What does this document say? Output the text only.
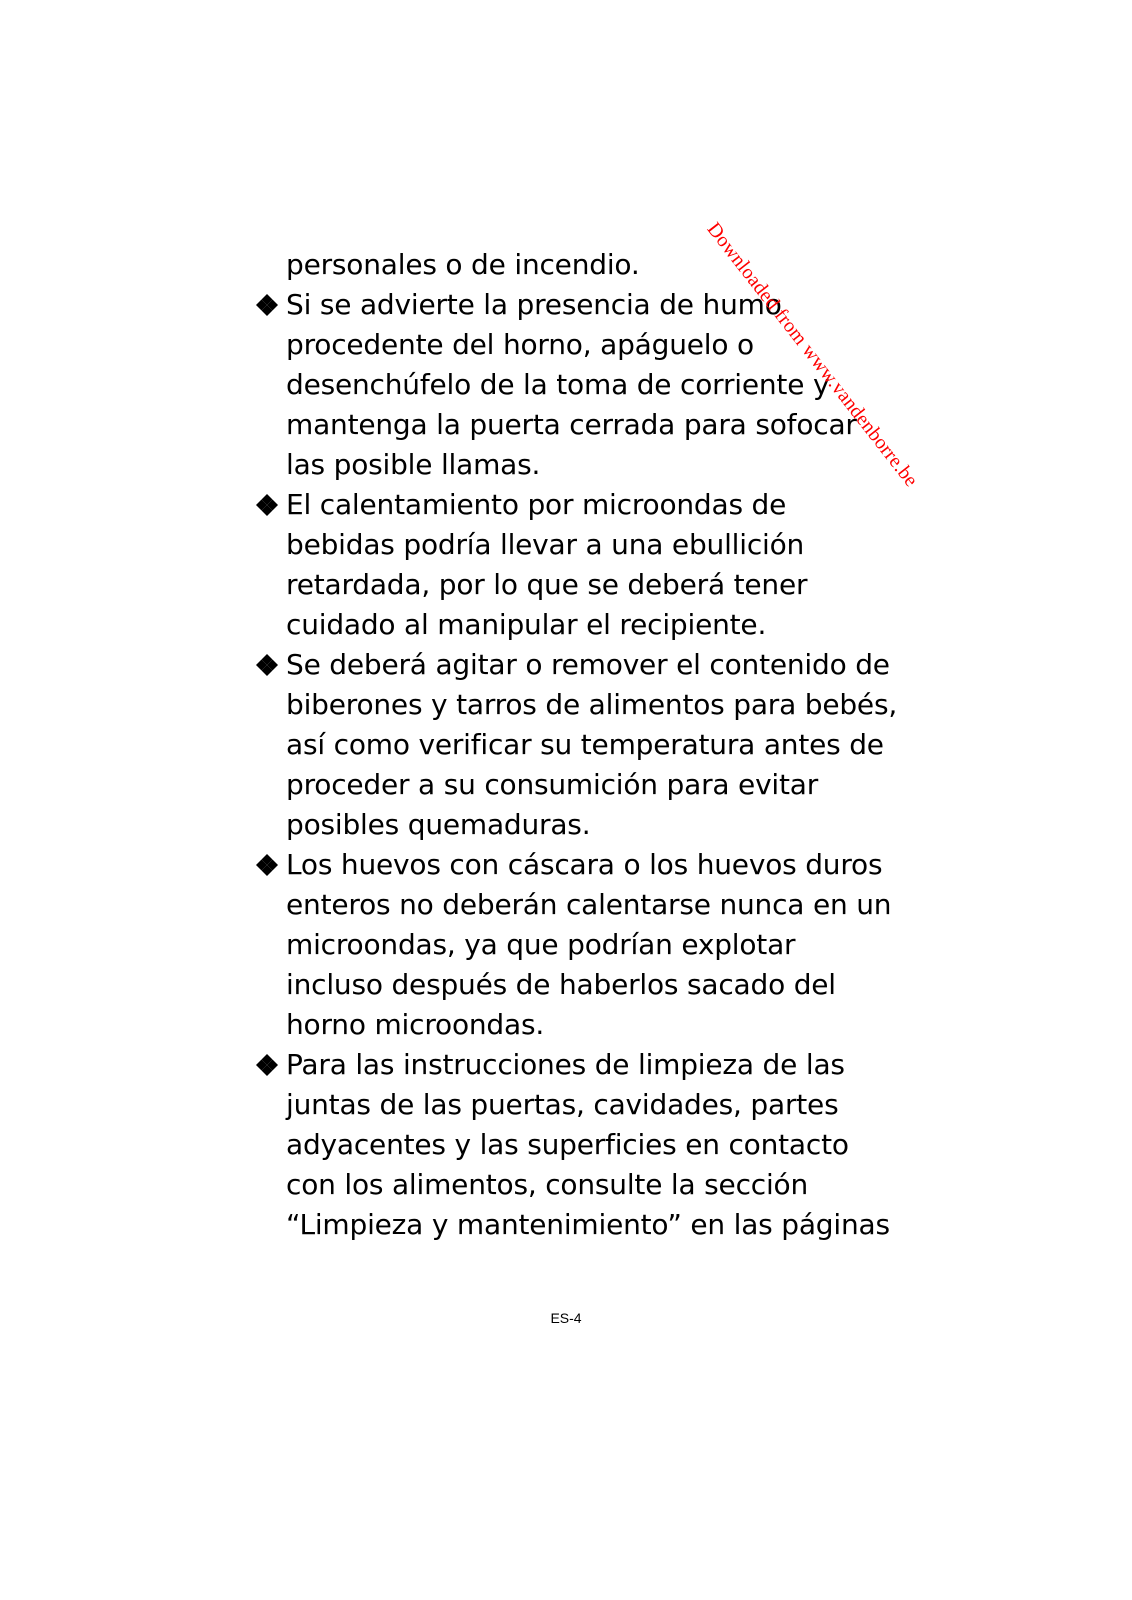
personales o de incendio.
Si se advierte la presencia de humo
procedente del horno, apáguelo o
desenchúfelo de la toma de corriente y
mantenga la puerta cerrada para sofocar
las posible llamas.
El calentamiento por microondas de
bebidas podría llevar a una ebullición
retardada, por lo que se deberá tener
cuidado al manipular el recipiente.
Se deberá agitar o remover el contenido de
biberones y tarros de alimentos para bebés,
así como verificar su temperatura antes de
proceder a su consumición para evitar
posibles quemaduras.
Los huevos con cáscara o los huevos duros
enteros no deberán calentarse nunca en un
microondas, ya que podrían explotar
incluso después de haberlos sacado del
horno microondas.
Para las instrucciones de limpieza de las
juntas de las puertas, cavidades, partes
adyacentes y las superficies en contacto
con los alimentos, consulte la sección
“Limpieza y mantenimiento” en las páginas
Downloaded from www.vandenborre.be
ES-4
